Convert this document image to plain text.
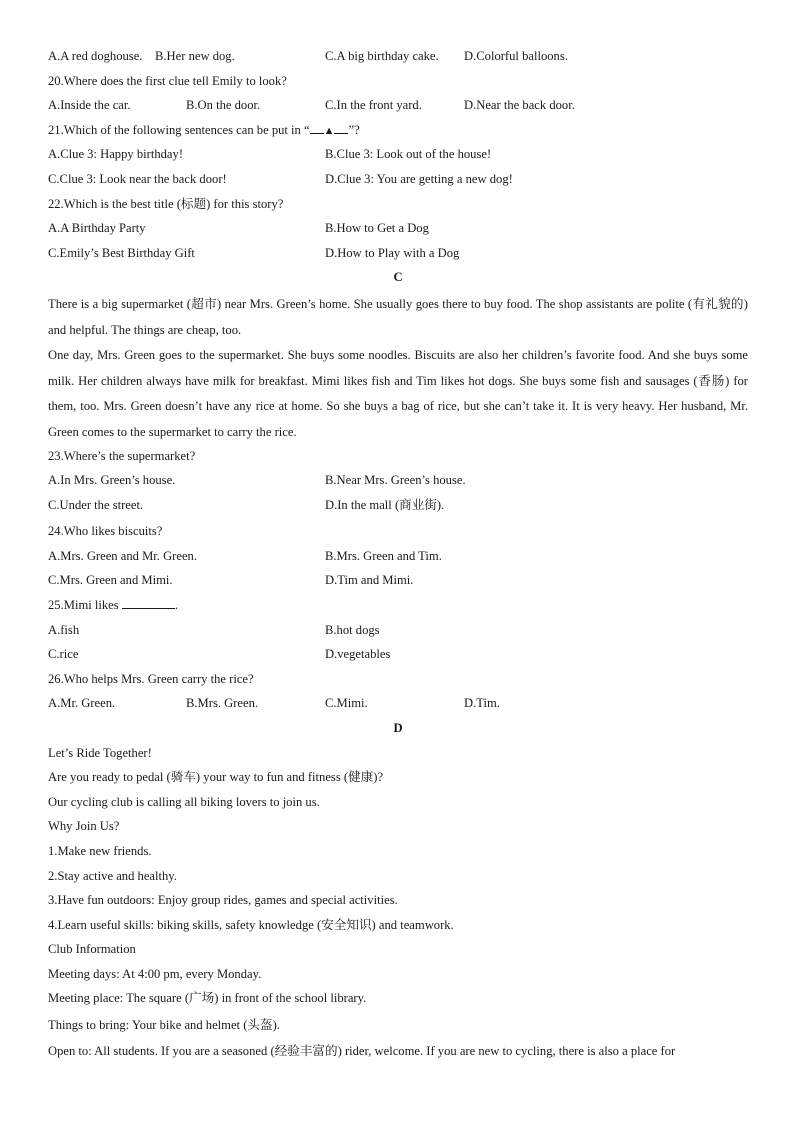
A.A red doghouse. B.Her new dog.	C.A big birthday cake. D.Colorful balloons.
20.Where does the first clue tell Emily to look?
A.Inside the car.	B.On the door.	C.In the front yard.	D.Near the back door.
21.Which of the following sentences can be put in “ ▲ ”?
A.Clue 3: Happy birthday!	B.Clue 3: Look out of the house!
C.Clue 3: Look near the back door!	D.Clue 3: You are getting a new dog!
22.Which is the best title (标题) for this story?
A.A Birthday Party	B.How to Get a Dog
C.Emily’s Best Birthday Gift	D.How to Play with a Dog
C

There is a big supermarket (超市) near Mrs. Green’s home. She usually goes there to buy food. The shop assistants are polite (有礼貌的) and helpful. The things are cheap, too.

One day, Mrs. Green goes to the supermarket. She buys some noodles. Biscuits are also her children’s favorite food. And she buys some milk. Her children always have milk for breakfast. Mimi likes fish and Tim likes hot dogs. She buys some fish and sausages (香肠) for them, too. Mrs. Green doesn’t have any rice at home. So she buys a bag of rice, but she can’t take it. It is very heavy. Her husband, Mr. Green comes to the supermarket to carry the rice.

23.Where’s the supermarket?
A.In Mrs. Green’s house.	B.Near Mrs. Green’s house.
C.Under the street.	D.In the mall (商业街).
24.Who likes biscuits?
A.Mrs. Green and Mr. Green.	B.Mrs. Green and Tim.
C.Mrs. Green and Mimi.	D.Tim and Mimi.
25.Mimi likes	.
A.fish	B.hot dogs
C.rice	D.vegetables
26.Who helps Mrs. Green carry the rice?
A.Mr. Green.	B.Mrs. Green.	C.Mimi.	D.Tim.
D
Let’s Ride Together!
Are you ready to pedal (骑车) your way to fun and fitness (健康)?
Our cycling club is calling all biking lovers to join us.
Why Join Us?
1.Make new friends.
2.Stay active and healthy.
3.Have fun outdoors: Enjoy group rides, games and special activities.
4.Learn useful skills: biking skills, safety knowledge (安全知识) and teamwork.
Club Information
Meeting days: At 4:00 pm, every Monday.
Meeting place: The square (广场) in front of the school library.
Things to bring: Your bike and helmet (头盔).
Open to: All students. If you are a seasoned (经验丰富的) rider, welcome. If you are new to cycling, there is also a place for
